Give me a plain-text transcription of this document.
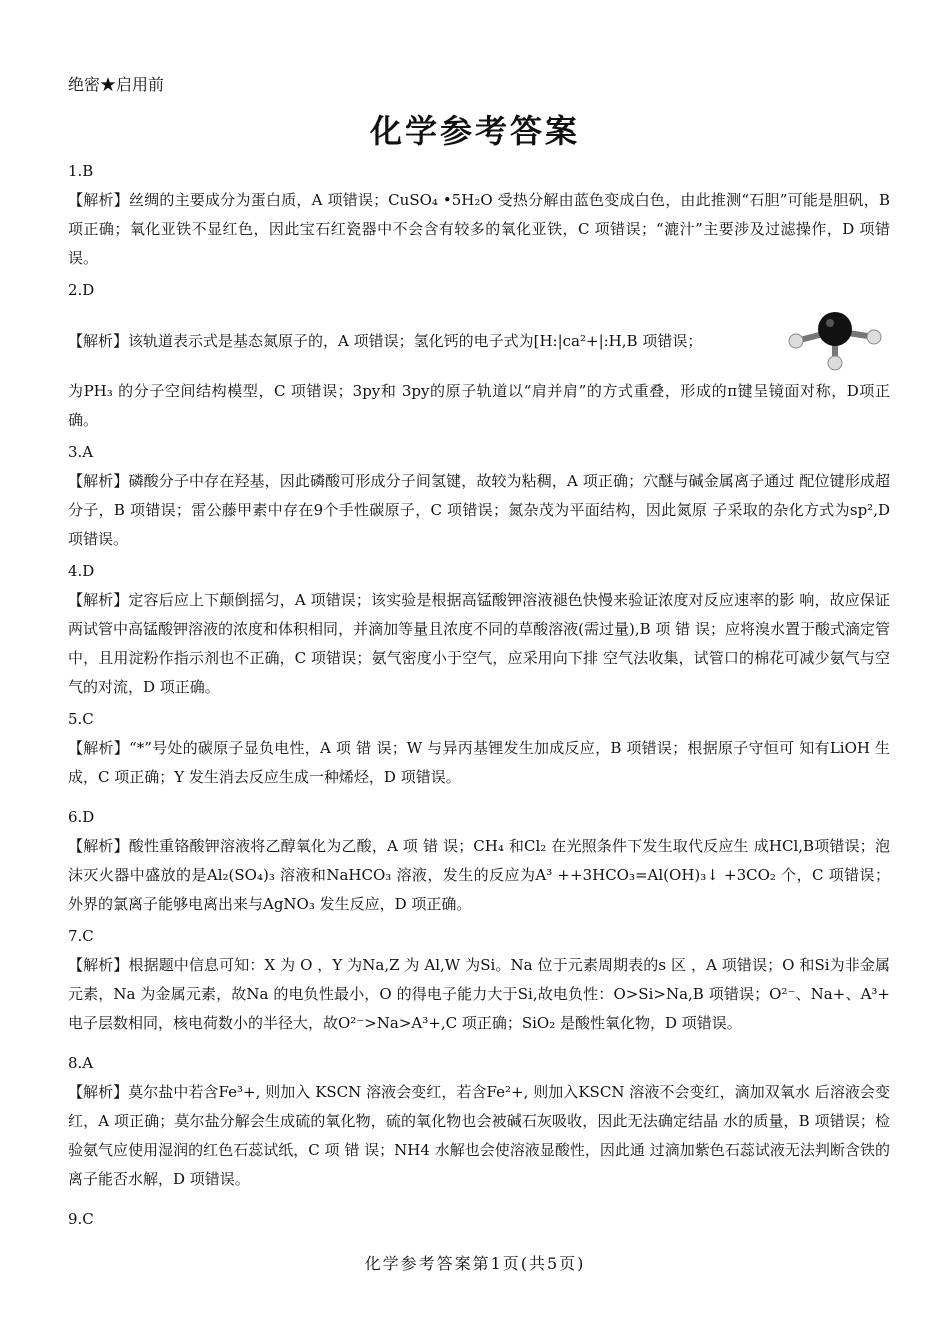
绝密★启用前
化学参考答案
1.B

【解析】丝绸的主要成分为蛋白质，A 项错误；CuSO₄ •5H₂O 受热分解由蓝色变成白色，由此推测“石胆”可能是胆矾，B 项正确；氧化亚铁不显红色，因此宝石红瓷器中不会含有较多的氧化亚铁，C 项错误；“漉汁”主要涉及过滤操作，D 项错误。

2.D

【解析】该轨道表示式是基态氮原子的，A 项错误；氢化钙的电子式为[H:|ca²+|:H,B 项错误；

为PH₃ 的分子空间结构模型，C 项错误；3py和 3py的原子轨道以“肩并肩”的方式重叠，形成的π键呈镜面对称，D项正确。

3.A

【解析】磷酸分子中存在羟基，因此磷酸可形成分子间氢键，故较为粘稠，A 项正确；穴醚与碱金属离子通过 配位键形成超分子，B 项错误；雷公藤甲素中存在9个手性碳原子，C 项错误；氮杂茂为平面结构，因此氮原 子采取的杂化方式为sp²,D 项错误。

4.D

【解析】定容后应上下颠倒摇匀，A 项错误；该实验是根据高锰酸钾溶液褪色快慢来验证浓度对反应速率的影 响，故应保证两试管中高锰酸钾溶液的浓度和体积相同，并滴加等量且浓度不同的草酸溶液(需过量),B 项 错 误；应将溴水置于酸式滴定管中，且用淀粉作指示剂也不正确，C 项错误；氨气密度小于空气，应采用向下排 空气法收集，试管口的棉花可减少氨气与空气的对流，D 项正确。

5.C

【解析】“*”号处的碳原子显负电性，A 项 错 误；W 与异丙基锂发生加成反应，B 项错误；根据原子守恒可 知有LiOH 生 成，C 项正确；Y 发生消去反应生成一种烯烃，D 项错误。

6.D

【解析】酸性重铬酸钾溶液将乙醇氧化为乙酸，A 项 错 误；CH₄ 和Cl₂ 在光照条件下发生取代反应生 成HCl,B项错误；泡沫灭火器中盛放的是Al₂(SO₄)₃ 溶液和NaHCO₃ 溶液，发生的反应为A³ ++3HCO₃=Al(OH)₃↓ +3CO₂ 个，C 项错误；外界的氯离子能够电离出来与AgNO₃ 发生反应，D 项正确。

7.C

【解析】根据题中信息可知：X 为 O ，Y 为Na,Z 为 Al,W 为Si。Na 位于元素周期表的s 区 ，A 项错误；O 和Si为非金属元素，Na 为金属元素，故Na 的电负性最小，O 的得电子能力大于Si,故电负性：O>Si>Na,B 项错误；O²⁻、Na+、A³+ 电子层数相同，核电荷数小的半径大，故O²⁻>Na>A³+,C 项正确；SiO₂ 是酸性氧化物，D 项错误。

8.A

【解析】莫尔盐中若含Fe³+, 则加入 KSCN 溶液会变红，若含Fe²+, 则加入KSCN 溶液不会变红，滴加双氧水 后溶液会变红，A 项正确；莫尔盐分解会生成硫的氧化物，硫的氧化物也会被碱石灰吸收，因此无法确定结晶 水的质量，B 项错误；检验氨气应使用湿润的红色石蕊试纸，C 项 错 误；NH4 水解也会使溶液显酸性，因此通 过滴加紫色石蕊试液无法判断含铁的离子能否水解，D 项错误。

9.C
化学参考答案第1页(共5页)
